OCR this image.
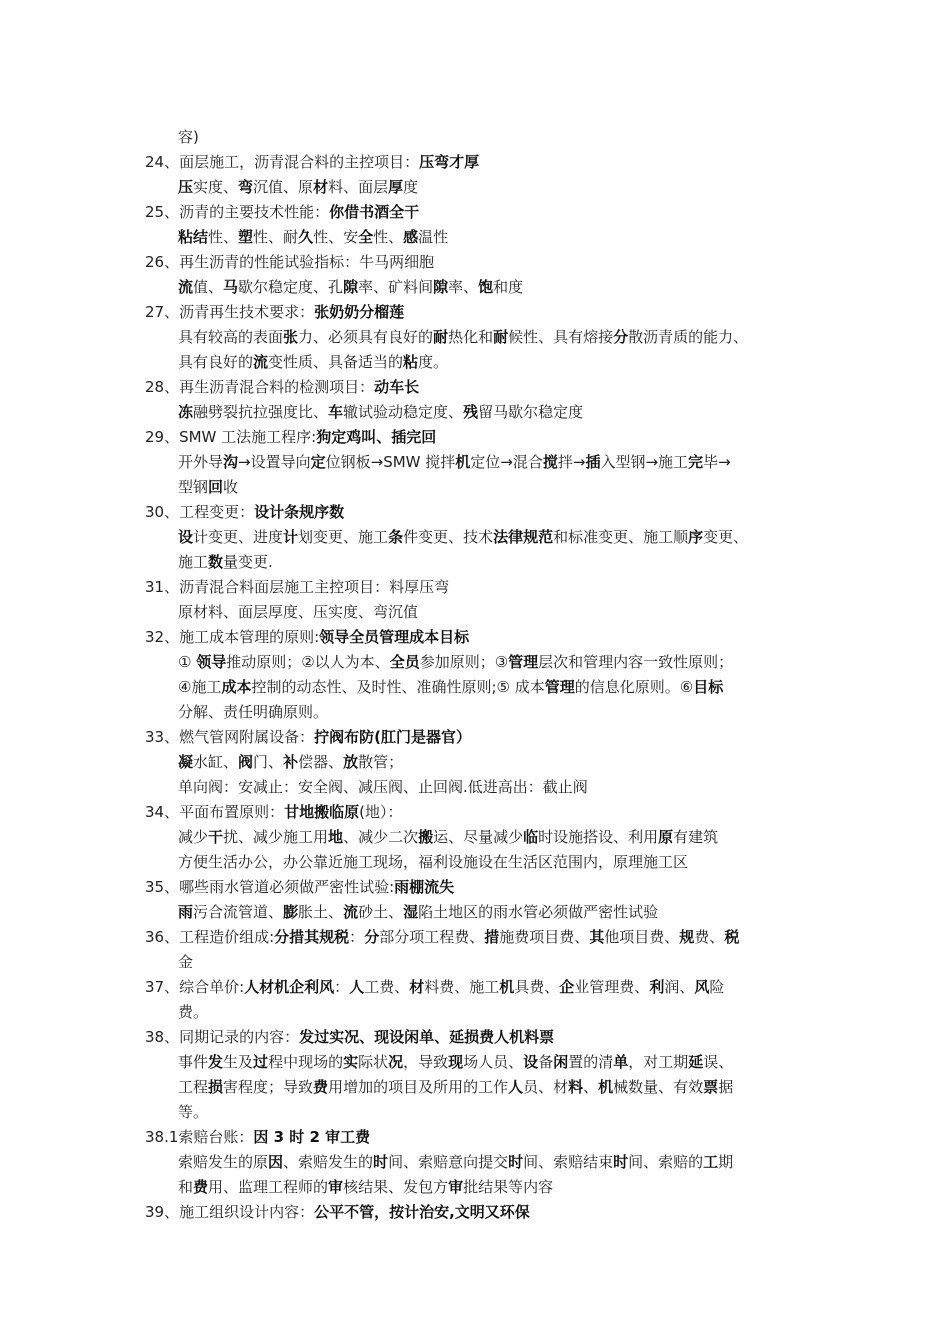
容)
24、面层施工，沥青混合料的主控项目：压弯才厚
压实度、弯沉值、原材料、面层厚度
25、沥青的主要技术性能：你借书酒全干
粘结性、塑性、耐久性、安全性、感温性
26、再生沥青的性能试验指标：牛马两细胞
流值、马歇尔稳定度、孔隙率、矿料间隙率、饱和度
27、沥青再生技术要求：张奶奶分榴莲
具有较高的表面张力、必须具有良好的耐热化和耐候性、具有熔接分散沥青质的能力、
具有良好的流变性质、具备适当的粘度。
28、再生沥青混合料的检测项目：动车长
冻融劈裂抗拉强度比、车辙试验动稳定度、残留马歇尔稳定度
29、SMW 工法施工程序:狗定鸡叫、插完回
开外导沟→设置导向定位钢板→SMW 搅拌机定位→混合搅拌→插入型钢→施工完毕→
型钢回收
30、工程变更：设计条规序数
设计变更、进度计划变更、施工条件变更、技术法律规范和标准变更、施工顺序变更、
施工数量变更.
31、沥青混合料面层施工主控项目：料厚压弯
原材料、面层厚度、压实度、弯沉值
32、施工成本管理的原则:领导全员管理成本目标
① 领导推动原则；②以人为本、全员参加原则；③管理层次和管理内容一致性原则；
④施工成本控制的动态性、及时性、准确性原则;⑤ 成本管理的信息化原则。⑥目标
分解、责任明确原则。
33、燃气管网附属设备：拧阀布防(肛门是器官）
凝水缸、阀门、补偿器、放散管；
单向阀：安减止：安全阀、减压阀、止回阀.低进高出：截止阀
34、平面布置原则：甘地搬临原(地）：
减少干扰、减少施工用地、减少二次搬运、尽量减少临时设施搭设、利用原有建筑
方便生活办公，办公靠近施工现场，福利设施设在生活区范围内，原理施工区
35、哪些雨水管道必须做严密性试验:雨棚流失
雨污合流管道、膨胀土、流砂土、湿陷土地区的雨水管必须做严密性试验
36、工程造价组成:分措其规税：分部分项工程费、措施费项目费、其他项目费、规费、税
金
37、综合单价:人材机企利风：人工费、材料费、施工机具费、企业管理费、利润、风险
费。
38、同期记录的内容：发过实况、现设闲单、延损费人机料票
事件发生及过程中现场的实际状况，导致现场人员、设备闲置的清单，对工期延误、
工程损害程度；导致费用增加的项目及所用的工作人员、材料、机械数量、有效票据
等。
38.1索赔台账：因 3 时 2 审工费
索赔发生的原因、索赔发生的时间、索赔意向提交时间、索赔结束时间、索赔的工期
和费用、监理工程师的审核结果、发包方审批结果等内容
39、施工组织设计内容：公平不管，按计治安,文明又环保
